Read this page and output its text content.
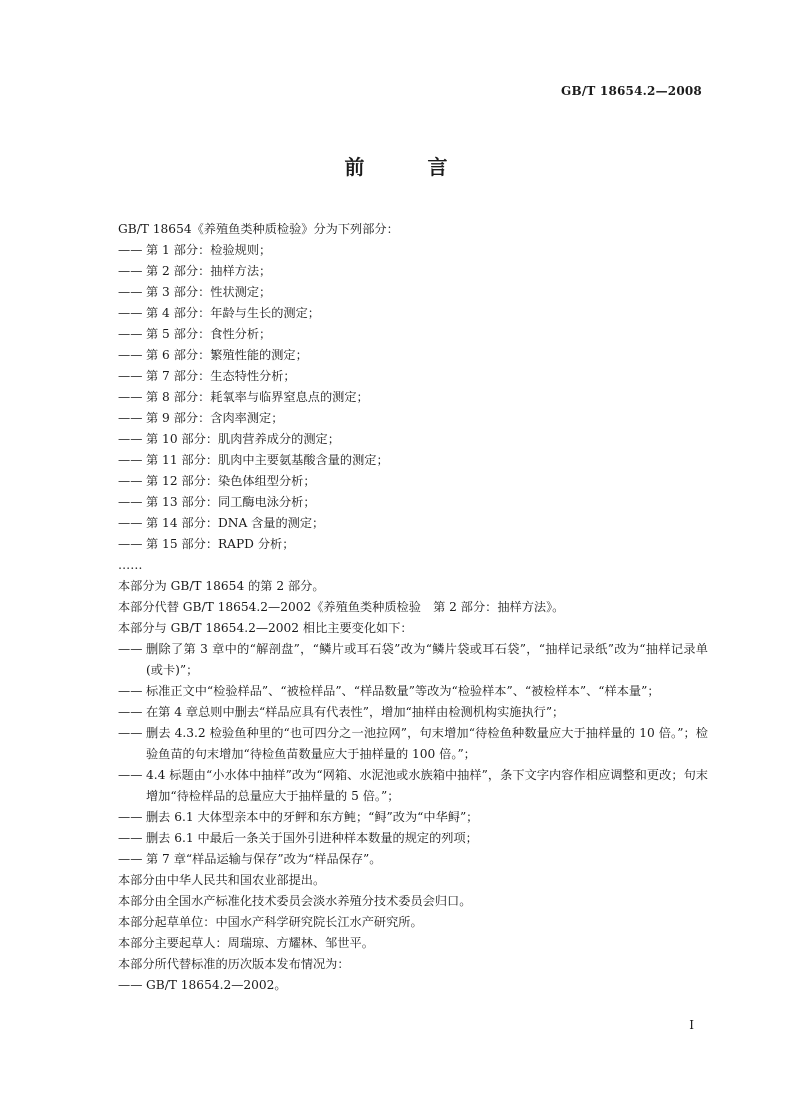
GB/T 18654.2—2008
前 言
GB/T 18654《养殖鱼类种质检验》分为下列部分：
—— 第 1 部分：检验规则；
—— 第 2 部分：抽样方法；
—— 第 3 部分：性状测定；
—— 第 4 部分：年龄与生长的测定；
—— 第 5 部分：食性分析；
—— 第 6 部分：繁殖性能的测定；
—— 第 7 部分：生态特性分析；
—— 第 8 部分：耗氧率与临界窒息点的测定；
—— 第 9 部分：含肉率测定；
—— 第 10 部分：肌肉营养成分的测定；
—— 第 11 部分：肌肉中主要氨基酸含量的测定；
—— 第 12 部分：染色体组型分析；
—— 第 13 部分：同工酶电泳分析；
—— 第 14 部分：DNA 含量的测定；
—— 第 15 部分：RAPD 分析；
……
本部分为 GB/T 18654 的第 2 部分。
本部分代替 GB/T 18654.2—2002《养殖鱼类种质检验　第 2 部分：抽样方法》。
本部分与 GB/T 18654.2—2002 相比主要变化如下：
—— 删除了第 3 章中的“解剖盘”，“鳞片或耳石袋”改为“鳞片袋或耳石袋”，“抽样记录纸”改为“抽样记录单(或卡)”；
—— 标准正文中“检验样品”、“被检样品”、“样品数量”等改为“检验样本”、“被检样本”、“样本量”；
—— 在第 4 章总则中删去“样品应具有代表性”，增加“抽样由检测机构实施执行”；
—— 删去 4.3.2 检验鱼种里的“也可四分之一池拉网”，句末增加“待检鱼种数量应大于抽样量的 10 倍。”；检验鱼苗的句末增加“待检鱼苗数量应大于抽样量的 100 倍。”；
—— 4.4 标题由“小水体中抽样”改为“网箱、水泥池或水族箱中抽样”，条下文字内容作相应调整和更改；句末增加“待检样品的总量应大于抽样量的 5 倍。”；
—— 删去 6.1 大体型亲本中的牙鲆和东方鲀；“鲟”改为“中华鲟”；
—— 删去 6.1 中最后一条关于国外引进种样本数量的规定的列项；
—— 第 7 章“样品运输与保存”改为“样品保存”。
本部分由中华人民共和国农业部提出。
本部分由全国水产标准化技术委员会淡水养殖分技术委员会归口。
本部分起草单位：中国水产科学研究院长江水产研究所。
本部分主要起草人：周瑞琼、方耀林、邹世平。
本部分所代替标准的历次版本发布情况为：
—— GB/T 18654.2—2002。
I
